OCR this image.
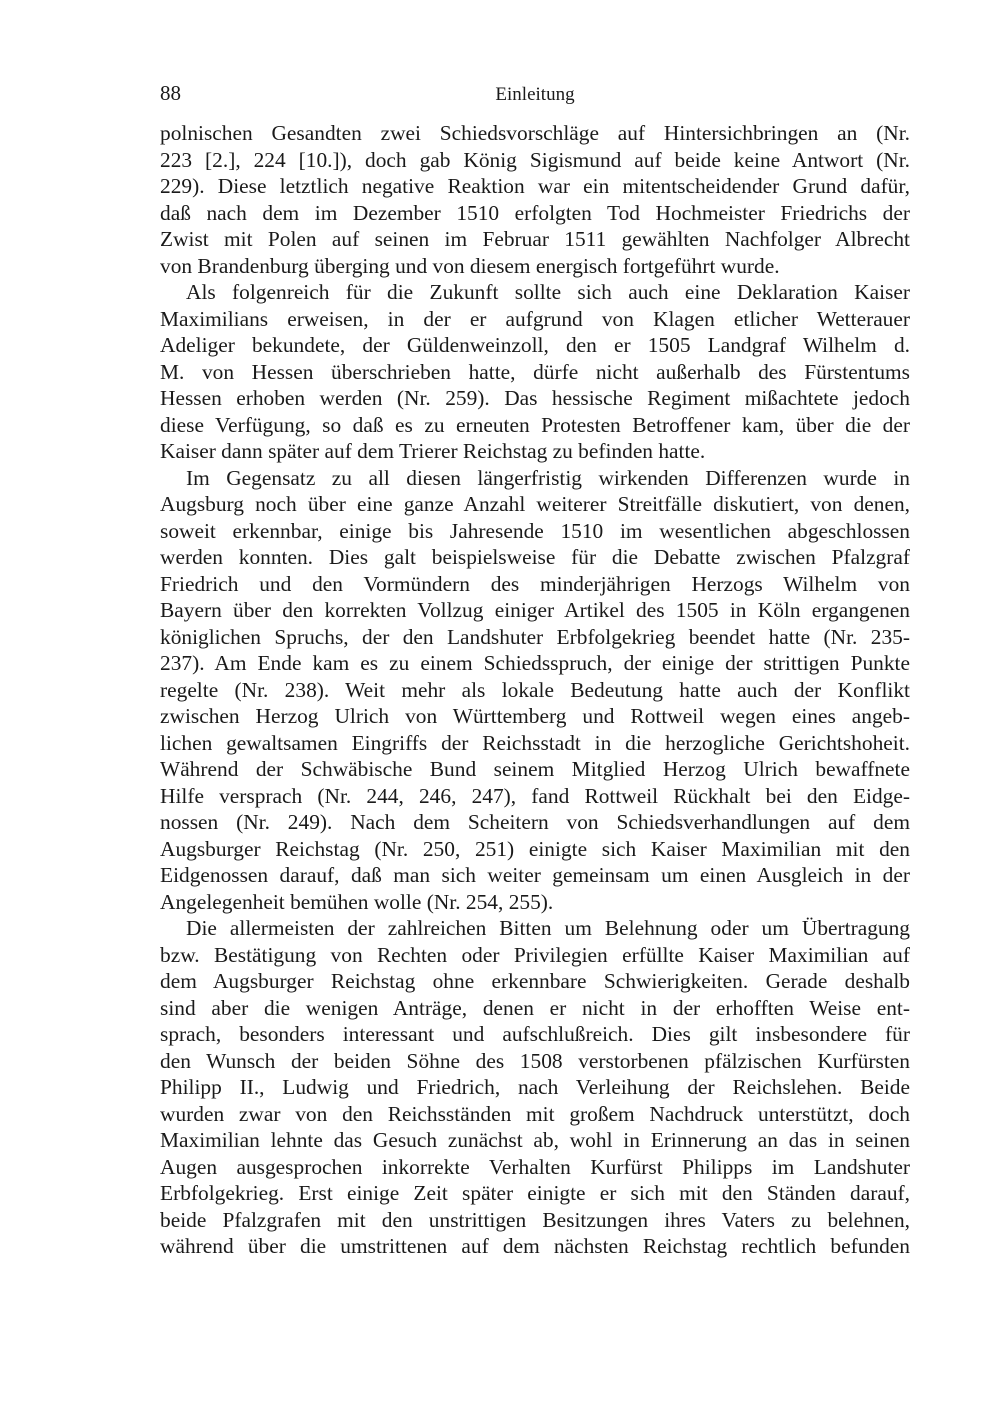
88	Einleitung

polnischen Gesandten zwei Schiedsvorschläge auf Hintersichbringen an (Nr.
223 [2.], 224 [10.]), doch gab König Sigismund auf beide keine Antwort (Nr.
229). Diese letztlich negative Reaktion war ein mitentscheidender Grund dafür,
daß nach dem im Dezember 1510 erfolgten Tod Hochmeister Friedrichs der
Zwist mit Polen auf seinen im Februar 1511 gewählten Nachfolger Albrecht
von Brandenburg überging und von diesem energisch fortgeführt wurde.

Als folgenreich für die Zukunft sollte sich auch eine Deklaration Kaiser
Maximilians erweisen, in der er aufgrund von Klagen etlicher Wetterauer
Adeliger bekundete, der Güldenweinzoll, den er 1505 Landgraf Wilhelm d.
M. von Hessen überschrieben hatte, dürfe nicht außerhalb des Fürstentums
Hessen erhoben werden (Nr. 259). Das hessische Regiment mißachtete jedoch
diese Verfügung, so daß es zu erneuten Protesten Betroffener kam, über die der
Kaiser dann später auf dem Trierer Reichstag zu befinden hatte.

Im Gegensatz zu all diesen längerfristig wirkenden Differenzen wurde in
Augsburg noch über eine ganze Anzahl weiterer Streitfälle diskutiert, von denen,
soweit erkennbar, einige bis Jahresende 1510 im wesentlichen abgeschlossen
werden konnten. Dies galt beispielsweise für die Debatte zwischen Pfalzgraf
Friedrich und den Vormündern des minderjährigen Herzogs Wilhelm von
Bayern über den korrekten Vollzug einiger Artikel des 1505 in Köln ergangenen
königlichen Spruchs, der den Landshuter Erbfolgekrieg beendet hatte (Nr. 235-
237). Am Ende kam es zu einem Schiedsspruch, der einige der strittigen Punkte
regelte (Nr. 238). Weit mehr als lokale Bedeutung hatte auch der Konflikt
zwischen Herzog Ulrich von Württemberg und Rottweil wegen eines angeb-
lichen gewaltsamen Eingriffs der Reichsstadt in die herzogliche Gerichtshoheit.
Während der Schwäbische Bund seinem Mitglied Herzog Ulrich bewaffnete
Hilfe versprach (Nr. 244, 246, 247), fand Rottweil Rückhalt bei den Eidge-
nossen (Nr. 249). Nach dem Scheitern von Schiedsverhandlungen auf dem
Augsburger Reichstag (Nr. 250, 251) einigte sich Kaiser Maximilian mit den
Eidgenossen darauf, daß man sich weiter gemeinsam um einen Ausgleich in der
Angelegenheit bemühen wolle (Nr. 254, 255).

Die allermeisten der zahlreichen Bitten um Belehnung oder um Übertragung
bzw. Bestätigung von Rechten oder Privilegien erfüllte Kaiser Maximilian auf
dem Augsburger Reichstag ohne erkennbare Schwierigkeiten. Gerade deshalb
sind aber die wenigen Anträge, denen er nicht in der erhofften Weise ent-
sprach, besonders interessant und aufschlußreich. Dies gilt insbesondere für
den Wunsch der beiden Söhne des 1508 verstorbenen pfälzischen Kurfürsten
Philipp II., Ludwig und Friedrich, nach Verleihung der Reichslehen. Beide
wurden zwar von den Reichsständen mit großem Nachdruck unterstützt, doch
Maximilian lehnte das Gesuch zunächst ab, wohl in Erinnerung an das in seinen
Augen ausgesprochen inkorrekte Verhalten Kurfürst Philipps im Landshuter
Erbfolgekrieg. Erst einige Zeit später einigte er sich mit den Ständen darauf,
beide Pfalzgrafen mit den unstrittigen Besitzungen ihres Vaters zu belehnen,
während über die umstrittenen auf dem nächsten Reichstag rechtlich befunden
